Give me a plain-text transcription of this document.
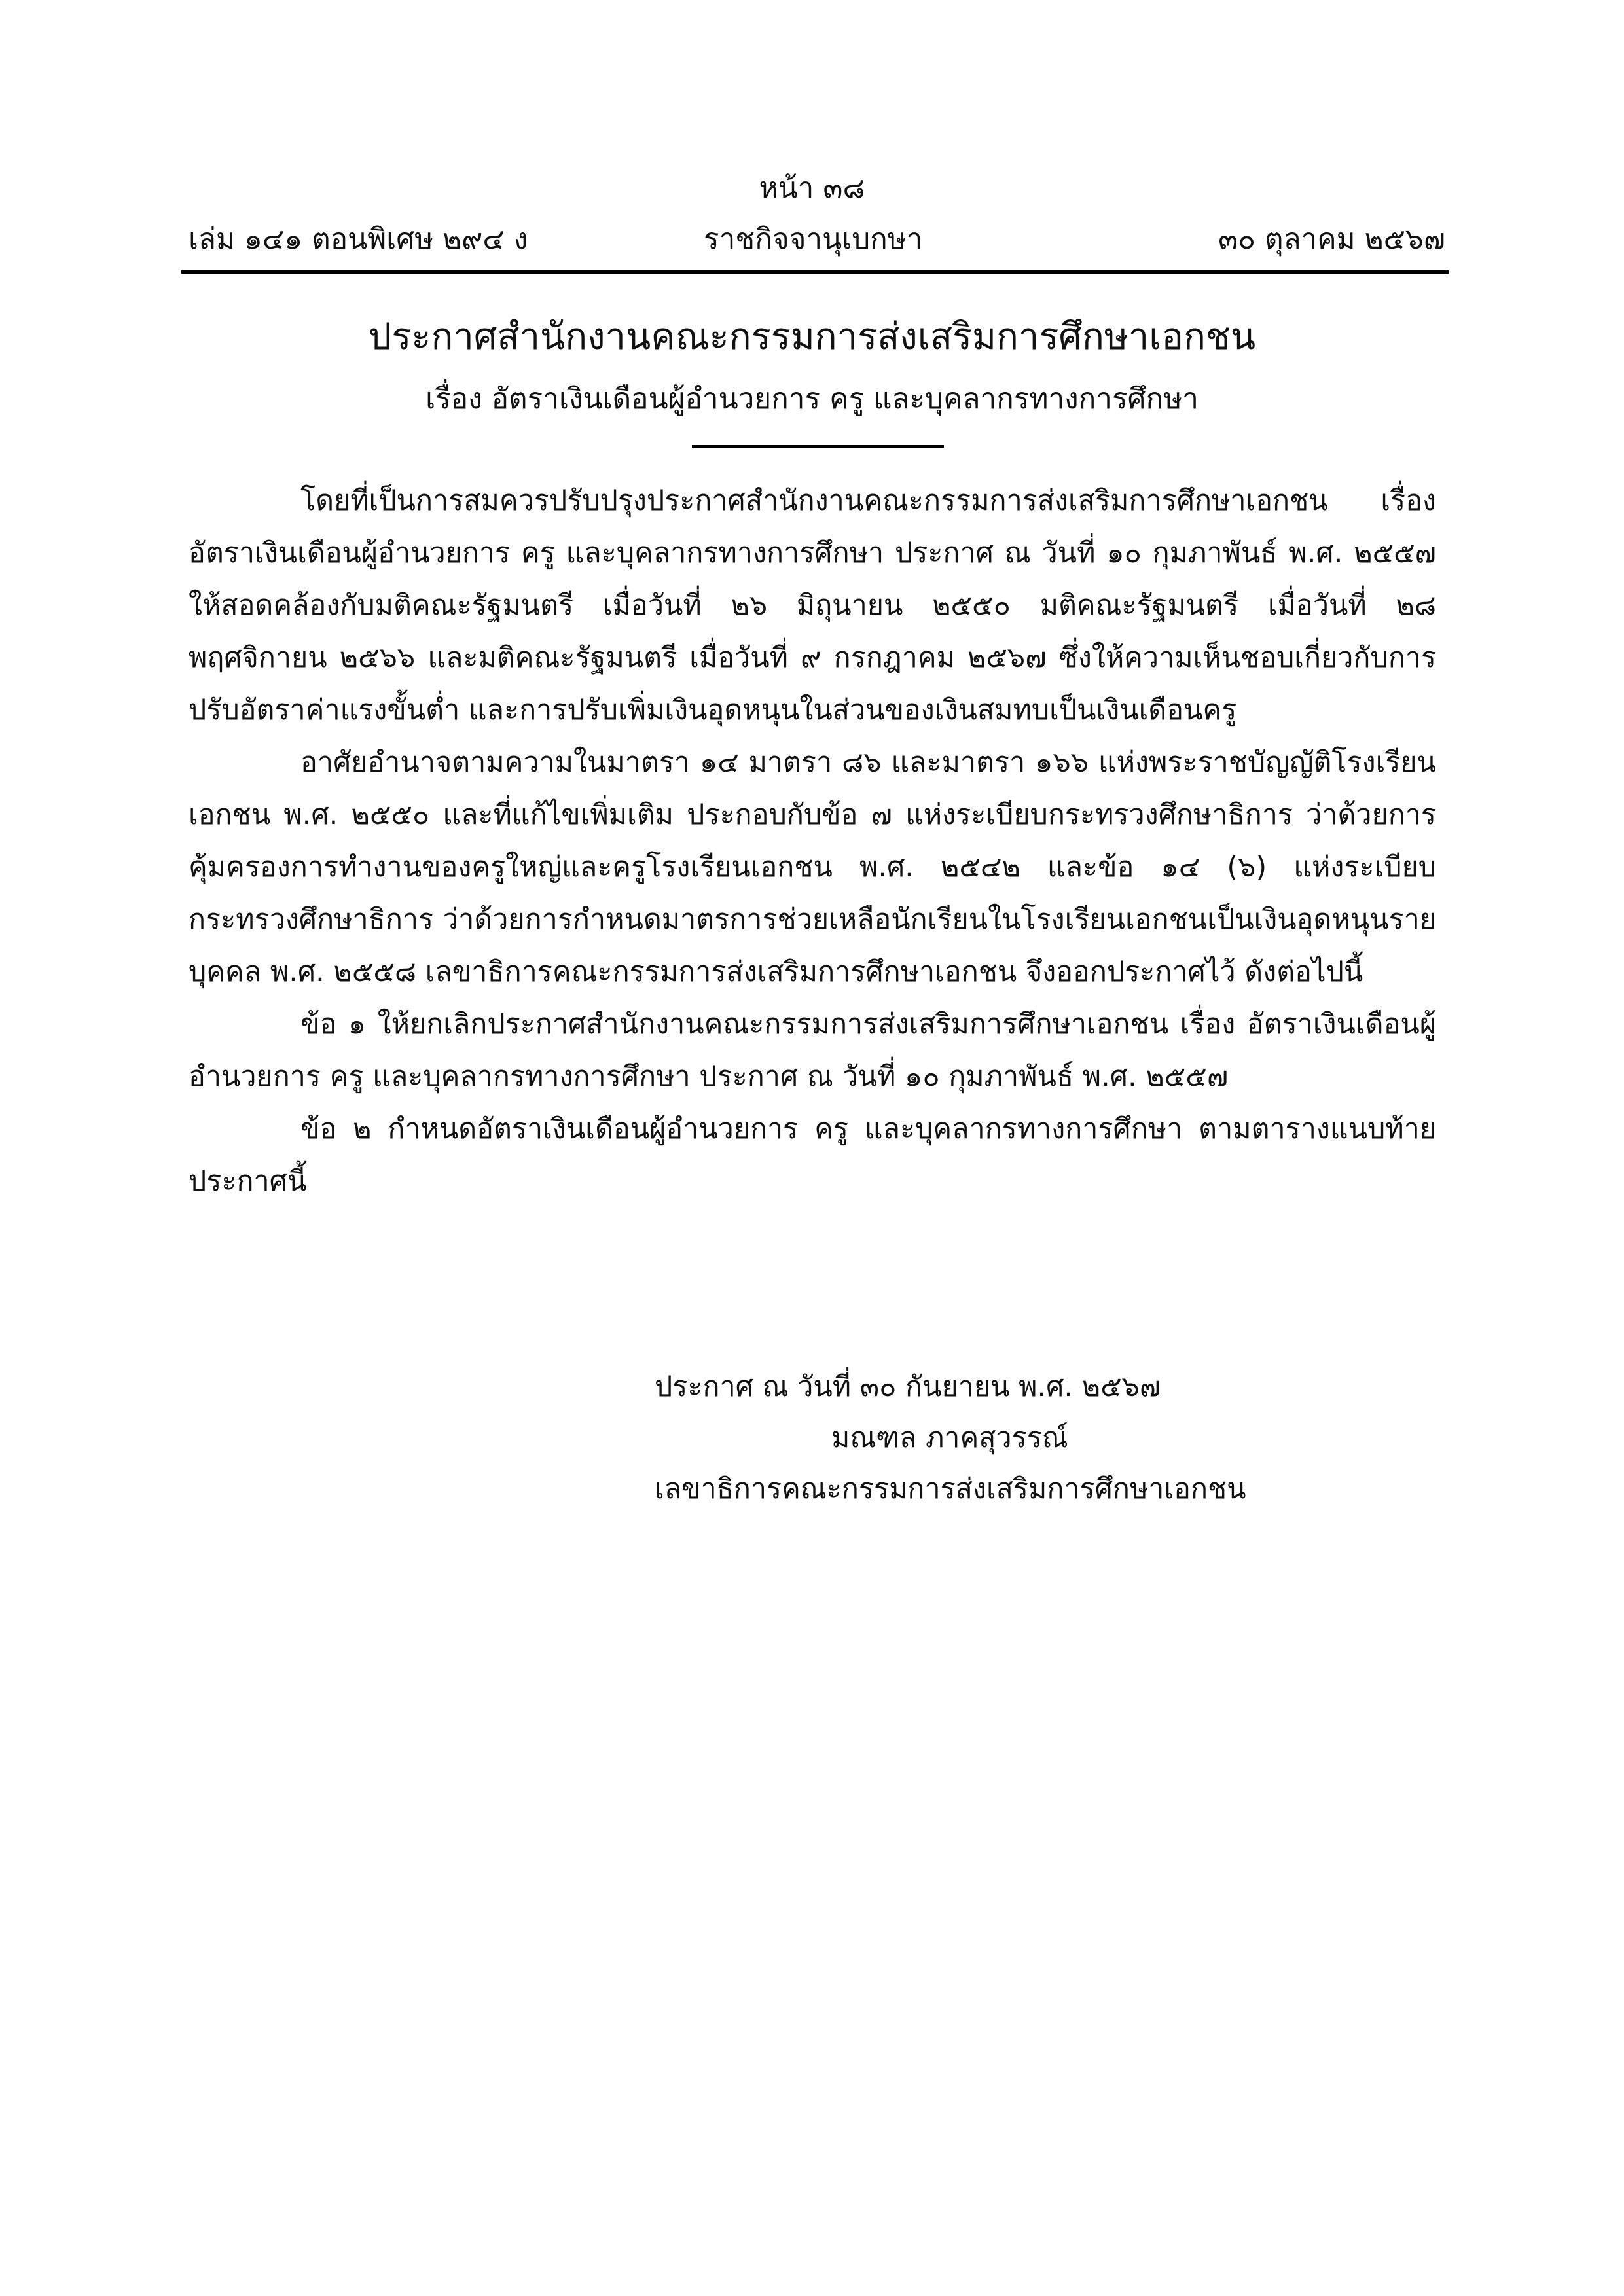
หน้า ๓๘
เล่ม ๑๔๑ ตอนพิเศษ ๒๙๔ ง	ราชกิจจานุเบกษา	๓๐ ตุลาคม ๒๕๖๗
ประกาศสำนักงานคณะกรรมการส่งเสริมการศึกษาเอกชน
เรื่อง อัตราเงินเดือนผู้อำนวยการ ครู และบุคลากรทางการศึกษา

โดยที่เป็นการสมควรปรับปรุงประกาศสำนักงานคณะกรรมการส่งเสริมการศึกษาเอกชน เรื่อง อัตราเงินเดือนผู้อำนวยการ ครู และบุคลากรทางการศึกษา ประกาศ ณ วันที่ ๑๐ กุมภาพันธ์ พ.ศ. ๒๕๕๗ ให้สอดคล้องกับมติคณะรัฐมนตรี เมื่อวันที่ ๒๖ มิถุนายน ๒๕๕๐ มติคณะรัฐมนตรี เมื่อวันที่ ๒๘ พฤศจิกายน ๒๕๖๖ และมติคณะรัฐมนตรี เมื่อวันที่ ๙ กรกฎาคม ๒๕๖๗ ซึ่งให้ความเห็นชอบเกี่ยวกับการปรับอัตราค่าแรงขั้นต่ำ และการปรับเพิ่มเงินอุดหนุนในส่วนของเงินสมทบเป็นเงินเดือนครู

อาศัยอำนาจตามความในมาตรา ๑๔ มาตรา ๘๖ และมาตรา ๑๖๖ แห่งพระราชบัญญัติโรงเรียนเอกชน พ.ศ. ๒๕๕๐ และที่แก้ไขเพิ่มเติม ประกอบกับข้อ ๗ แห่งระเบียบกระทรวงศึกษาธิการ ว่าด้วยการคุ้มครองการทำงานของครูใหญ่และครูโรงเรียนเอกชน พ.ศ. ๒๕๔๒ และข้อ ๑๔ (๖) แห่งระเบียบกระทรวงศึกษาธิการ ว่าด้วยการกำหนดมาตรการช่วยเหลือนักเรียนในโรงเรียนเอกชนเป็นเงินอุดหนุนรายบุคคล พ.ศ. ๒๕๕๘ เลขาธิการคณะกรรมการส่งเสริมการศึกษาเอกชน จึงออกประกาศไว้ ดังต่อไปนี้

ข้อ ๑ ให้ยกเลิกประกาศสำนักงานคณะกรรมการส่งเสริมการศึกษาเอกชน เรื่อง อัตราเงินเดือนผู้อำนวยการ ครู และบุคลากรทางการศึกษา ประกาศ ณ วันที่ ๑๐ กุมภาพันธ์ พ.ศ. ๒๕๕๗

ข้อ ๒ กำหนดอัตราเงินเดือนผู้อำนวยการ ครู และบุคลากรทางการศึกษา ตามตารางแนบท้ายประกาศนี้

ประกาศ ณ วันที่ ๓๐ กันยายน พ.ศ. ๒๕๖๗

มณฑล ภาคสุวรรณ์

เลขาธิการคณะกรรมการส่งเสริมการศึกษาเอกชน
